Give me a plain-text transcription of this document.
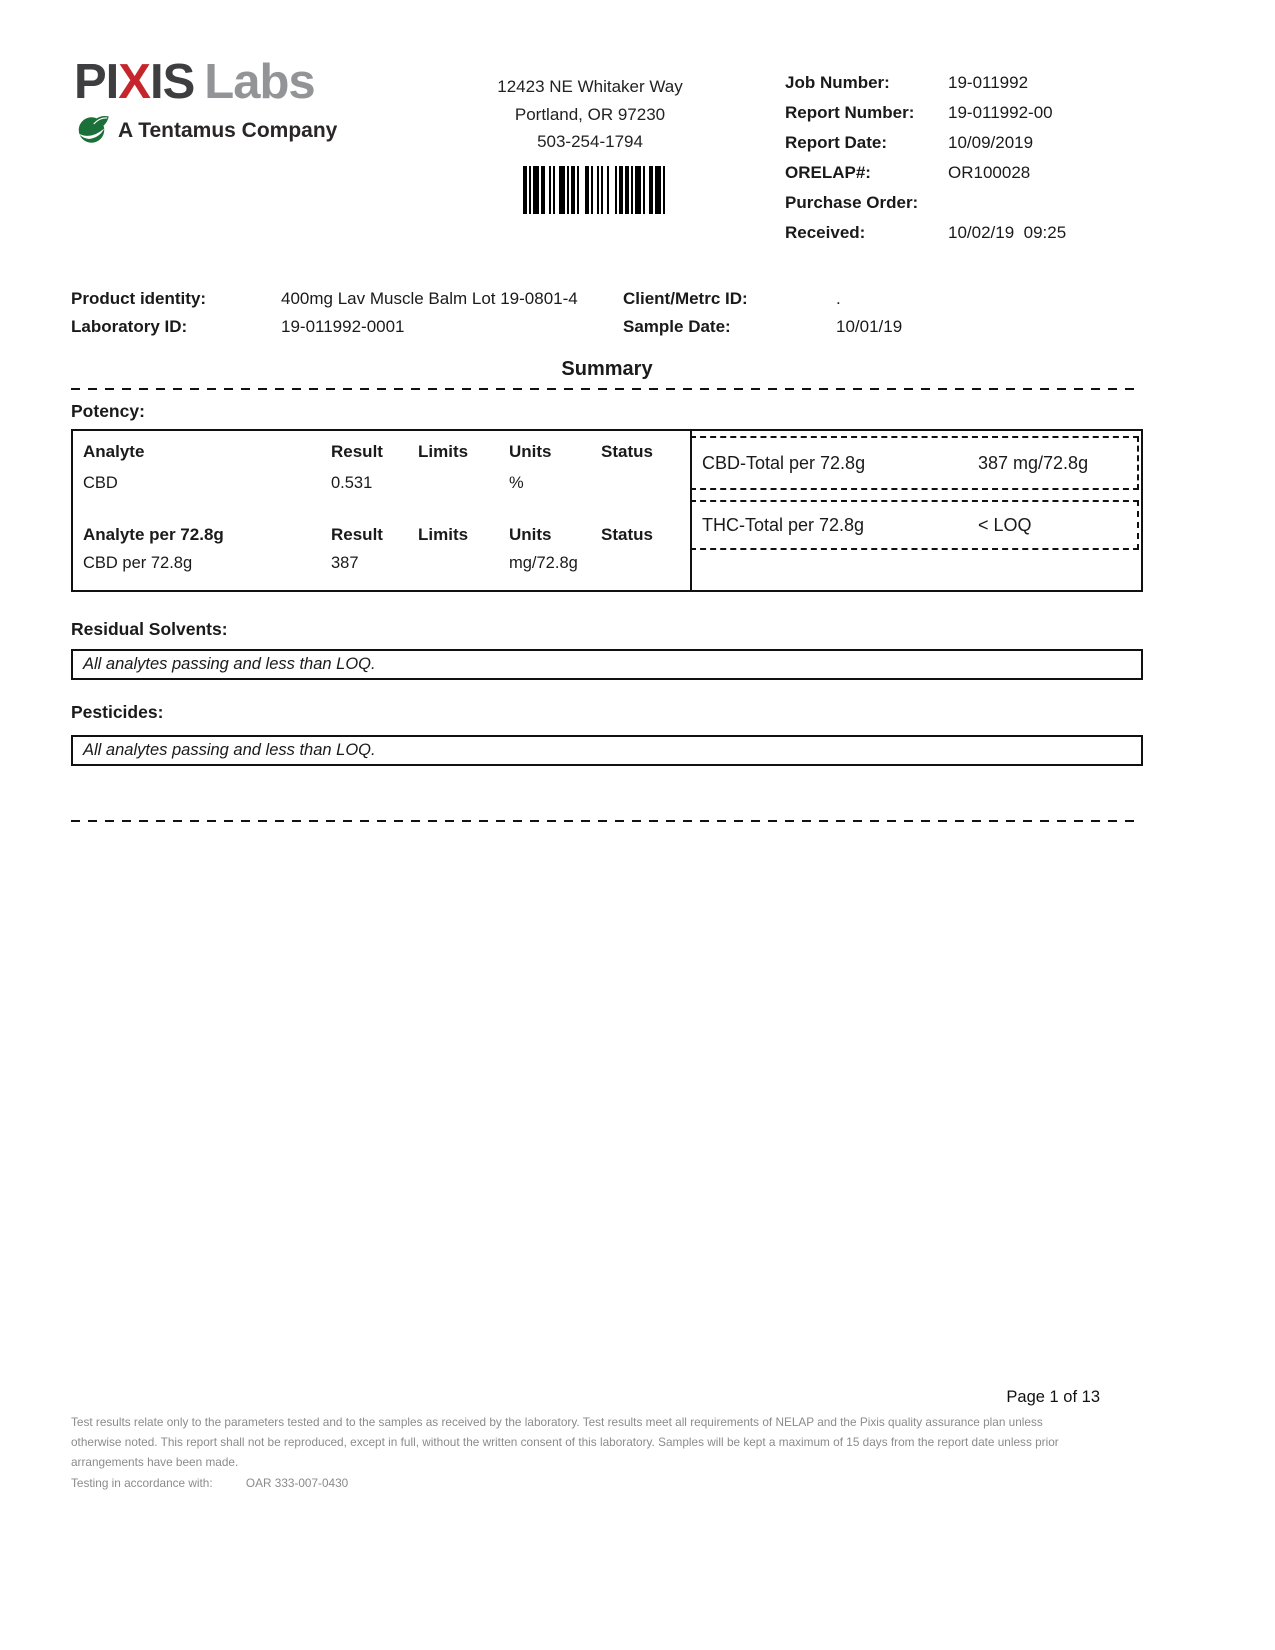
PIXIS Labs
A Tentamus Company
12423 NE Whitaker Way
Portland, OR 97230
503-254-1794
Job Number:	19-011992
Report Number:	19-011992-00
Report Date:	10/09/2019
ORELAP#:	OR100028
Purchase Order:
Received:	10/02/19  09:25
Product identity:	400mg Lav Muscle Balm Lot 19-0801-4	Client/Metrc ID:	.
Laboratory ID:	19-011992-0001	Sample Date:	10/01/19
Summary
Potency:
Analyte	Result Limits Units	Status
CBD	0.531	%
Analyte per 72.8g	Result Limits Units	Status
CBD per 72.8g	387	mg/72.8g
CBD-Total per 72.8g	387 mg/72.8g
THC-Total per 72.8g	< LOQ
Residual Solvents:
All analytes passing and less than LOQ.
Pesticides:
All analytes passing and less than LOQ.
Page 1 of 13
Test results relate only to the parameters tested and to the samples as received by the laboratory. Test results meet all requirements of NELAP and the Pixis quality assurance plan unless otherwise noted. This report shall not be reproduced, except in full, without the written consent of this laboratory. Samples will be kept a maximum of 15 days from the report date unless prior arrangements have been made.
Testing in accordance with:	OAR 333-007-0430
